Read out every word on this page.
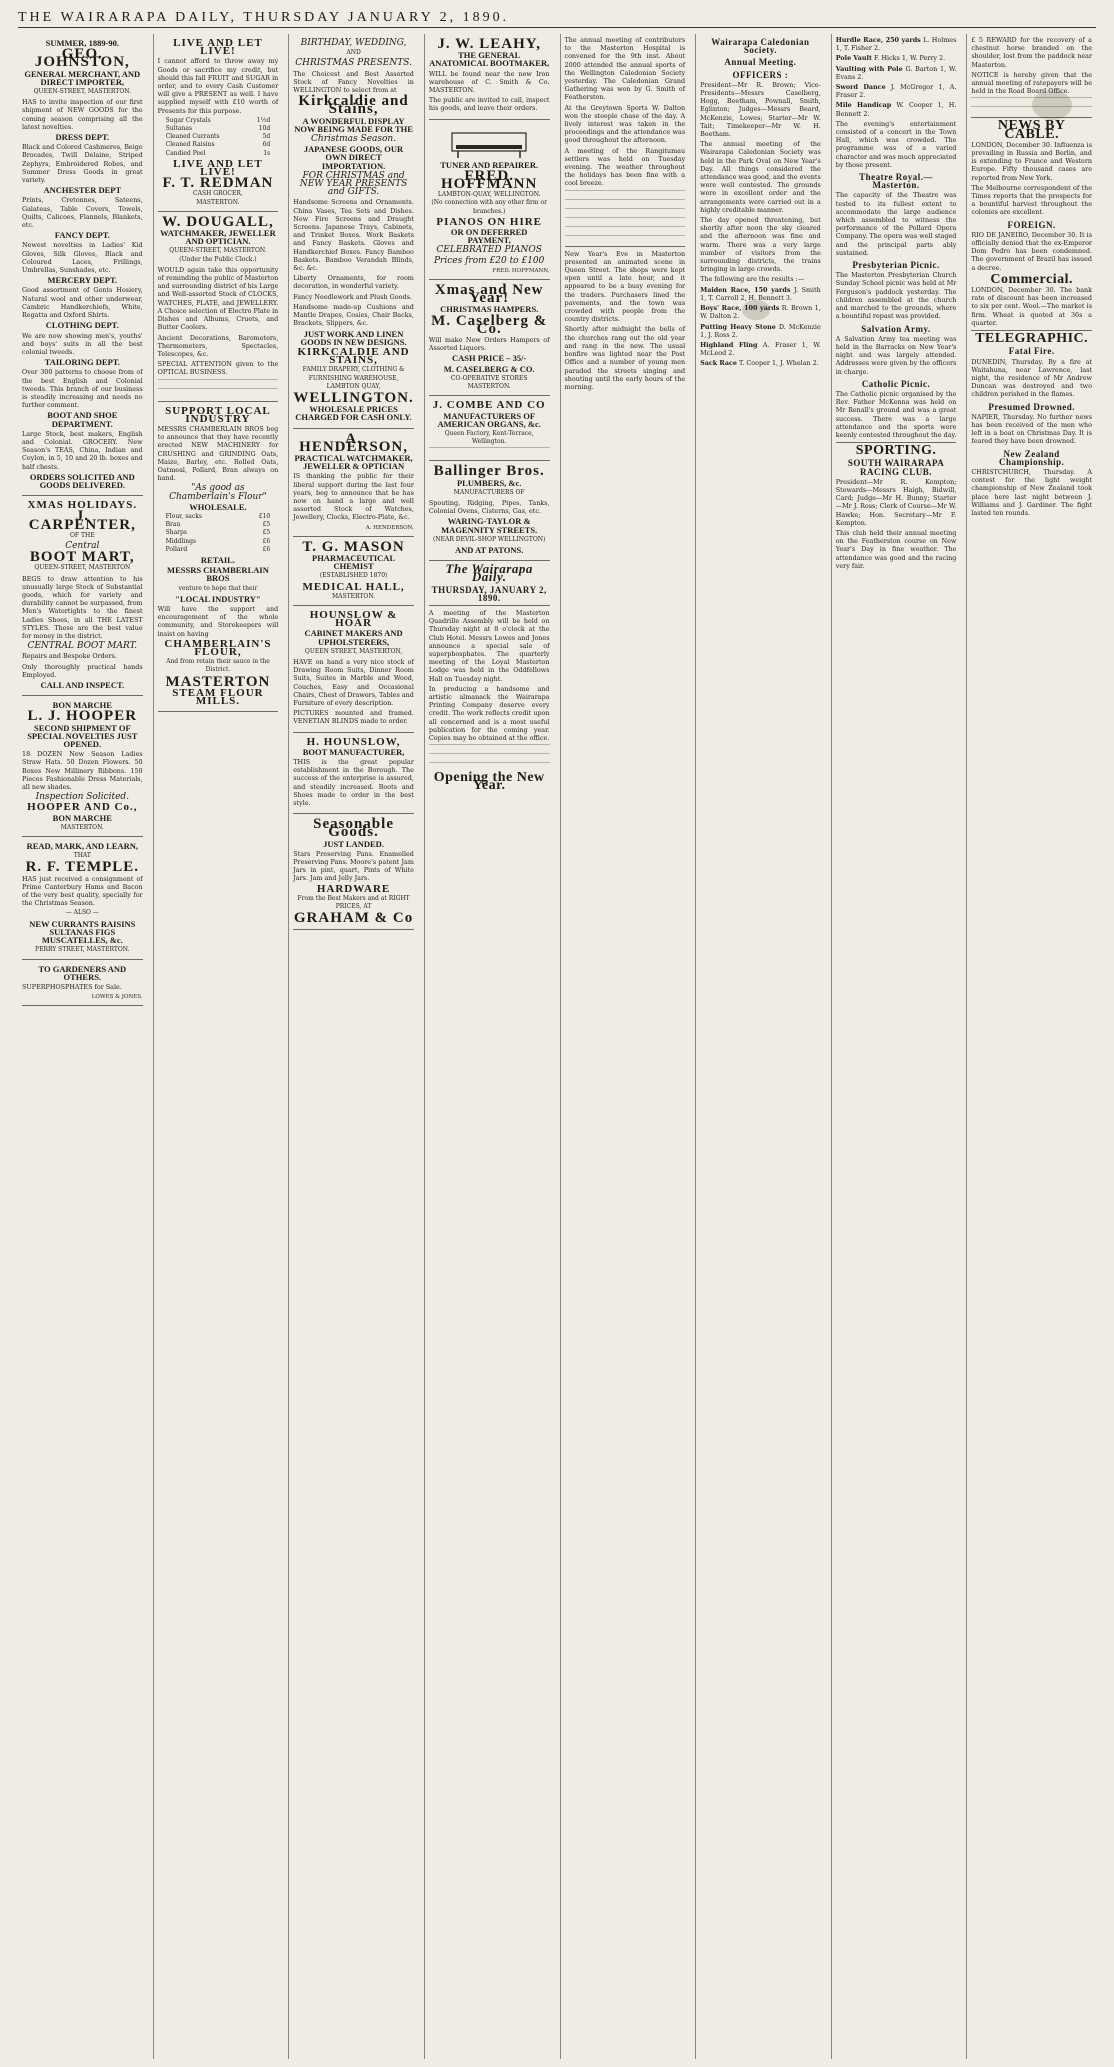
THE WAIRARAPA DAILY, THURSDAY JANUARY 2, 1890.
SUMMER, 1889-90.
GEO. JOHNSTON,
GENERAL MERCHANT, AND DIRECT IMPORTER,
QUEEN-STREET, MASTERTON.

HAS to invite inspection of our first shipment of NEW GOODS for the coming season comprising all the latest novelties.

DRESS DEPT.

Black and Colored Cashmeres, Beige Brocades, Twill Delaine, Striped Zephyrs, Embroidered Robes, and Summer Dress Goods in great variety.

ANCHESTER DEPT

Prints, Cretonnes, Sateens, Galateas, Table Covers, Towels, Quilts, Calicoes, Flannels, Blankets, etc.

FANCY DEPT.

Newest novelties in Ladies' Kid Gloves, Silk Gloves, Black and Coloured Laces, Frillings, Umbrellas, Sunshades, etc.

MERCERY DEPT.

Good assortment of Gents Hosiery, Natural wool and other underwear, Cambric Handkerchiefs, White, Regatta and Oxford Shirts.

CLOTHING DEPT.

We are now showing men's, youths' and boys' suits in all the best colonial tweeds.

TAILORING DEPT.

Over 300 patterns to choose from of the best English and Colonial tweeds. This branch of our business is steadily increasing and needs no further comment.

BOOT AND SHOE DEPARTMENT.

Large Stock, best makers, English and Colonial. GROCERY. New Season's TEAS, China, Indian and Ceylon, in 5, 10 and 20 lb. boxes and half chests.

ORDERS SOLICITED AND GOODS DELIVERED.
XMAS HOLIDAYS.
J. CARPENTER,
OF THE
Central
BOOT MART,
QUEEN-STREET, MASTERTON

BEGS to draw attention to his unusually large Stock of Substantial goods, which for variety and durability cannot be surpassed, from Men's Watertights to the finest Ladies Shoes, in all THE LATEST STYLES. These are the best value for money in the district.

CENTRAL BOOT MART.

Repairs and Bespoke Orders.

Only thoroughly practical hands Employed.

CALL AND INSPECT.
BON MARCHE
L. J. HOOPER
SECOND SHIPMENT OF SPECIAL NOVELTIES JUST OPENED.

18 DOZEN New Season Ladies Straw Hats. 50 Dozen Flowers. 50 Boxes New Millinery Ribbons. 150 Pieces Fashionable Dress Materials, all new shades.

Inspection Solicited.
HOOPER AND Co.,
BON MARCHE
MASTERTON.
READ, MARK, AND LEARN,
THAT
R. F. TEMPLE.

HAS just received a consignment of Prime Canterbury Hams and Bacon of the very best quality, specially for the Christmas Season.

— ALSO —
NEW CURRANTS RAISINS SULTANAS FIGS MUSCATELLES, &c.
PERRY STREET, MASTERTON.
TO GARDENERS AND OTHERS.

SUPERPHOSPHATES for Sale.

LOWES & JONES.
LIVE AND LET LIVE!

I cannot afford to throw away my Goods or sacrifice my credit, but should this fall FRUIT and SUGAR in order, and to every Cash Customer will give a PRESENT as well. I have supplied myself with £10 worth of Presents for this purpose.

Sugar Crystals	1½d
Sultanas	10d
Cleaned Currants	5d
Cleaned Raisins	6d
Candied Peel	1s
LIVE AND LET LIVE!
F. T. REDMAN
CASH GROCER,
MASTERTON.
W. DOUGALL,
WATCHMAKER, JEWELLER AND OPTICIAN.
QUEEN-STREET, MASTERTON.
(Under the Public Clock.)

WOULD again take this opportunity of reminding the public of Masterton and surrounding district of his Large and Well-assorted Stock of CLOCKS, WATCHES, PLATE, and JEWELLERY. A Choice selection of Electro Plate in Dishes and Albums, Cruets, and Butter Coolers.

Ancient Decorations, Barometers, Thermometers, Spectacles, Telescopes, &c.

SPECIAL ATTENTION given to the OPTICAL BUSINESS.

SUPPORT LOCAL INDUSTRY

MESSRS CHAMBERLAIN BROS beg to announce that they have recently erected NEW MACHINERY for CRUSHING and GRINDING Oats, Maize, Barley, etc. Rolled Oats, Oatmeal, Pollard, Bran always on hand.

"As good as Chamberlain's Flour"
WHOLESALE.
Flour, sacks	£10
Bran	£5
Sharps	£5
Middlings	£6
Pollard	£6
RETAIL.
MESSRS CHAMBERLAIN BROS
venture to hope that their
"LOCAL INDUSTRY"

Will have the support and encouragement of the whole community, and Storekeepers will insist on having

CHAMBERLAIN'S FLOUR,
And from retain their sauce in the District.
MASTERTON
STEAM FLOUR MILLS.
BIRTHDAY, WEDDING,
AND
CHRISTMAS PRESENTS.

The Choicest and Best Assorted Stock of Fancy Novelties in WELLINGTON to select from at

Kirkcaldie and Stains,
A WONDERFUL DISPLAY NOW BEING MADE FOR THE
Christmas Season.
JAPANESE GOODS, OUR OWN DIRECT IMPORTATION.
FOR CHRISTMAS and NEW YEAR PRESENTS and GIFTS.

Handsome Screens and Ornaments. China Vases, Tea Sets and Dishes. New Fire Screens and Draught Screens. Japanese Trays, Cabinets, and Trinket Boxes. Work Baskets and Fancy Baskets. Gloves and Handkerchief Boxes. Fancy Bamboo Baskets. Bamboo Verandah Blinds, &c. &c.

Liberty Ornaments, for room decoration, in wonderful variety.

Fancy Needlework and Plush Goods.

Handsome made-up Cushions and Mantle Drapes, Cosies, Chair Backs, Brackets, Slippers, &c.

JUST WORK AND LINEN GOODS IN NEW DESIGNS.
KIRKCALDIE AND STAINS,
FAMILY DRAPERY, CLOTHING & FURNISHING WAREHOUSE,
LAMBTON QUAY,
WELLINGTON.
WHOLESALE PRICES CHARGED FOR CASH ONLY.
A. HENDERSON,
PRACTICAL WATCHMAKER, JEWELLER & OPTICIAN

IS thanking the public for their liberal support during the last four years, beg to announce that he has now on hand a large and well assorted Stock of Watches, Jewellery, Clocks, Electro-Plate, &c.

A. HENDERSON.
T. G. MASON
PHARMACEUTICAL CHEMIST
(ESTABLISHED 1870)
MEDICAL HALL,
MASTERTON.
HOUNSLOW & HOAR
CABINET MAKERS AND UPHOLSTERERS,
QUEEN STREET, MASTERTON,

HAVE on hand a very nice stock of Drawing Room Suits, Dinner Room Suits, Suites in Marble and Wood, Couches, Easy and Occasional Chairs, Chest of Drawers, Tables and Furniture of every description.

PICTURES mounted and framed. VENETIAN BLINDS made to order.

H. HOUNSLOW,
BOOT MANUFACTURER,

THIS is the great popular establishment in the Borough. The success of the enterprise is assured, and steadily increased. Boots and Shoes made to order in the best style.

Seasonable Goods.
JUST LANDED.

Stars Preserving Pans. Enamelled Preserving Pans. Moore's patent Jam Jars in pint, quart, Pints of White Jars. Jam and Jelly Jars.

HARDWARE
From the Best Makers and at RIGHT PRICES, AT
GRAHAM & Co
J. W. LEAHY,
THE GENERAL ANATOMICAL BOOTMAKER,

WILL be found near the new Iron warehouse of C. Smith & Co. MASTERTON.

The public are invited to call, inspect his goods, and leave their orders.

TUNER AND REPAIRER.
FRED. HOFFMANN
LAMBTON-QUAY, WELLINGTON.
(No connection with any other firm or branches.)
PIANOS ON HIRE
OR ON DEFERRED PAYMENT,
CELEBRATED PIANOS
Prices from £20 to £100
FRED. HOFFMANN,
Xmas and New Year!
CHRISTMAS HAMPERS.
M. Caselberg & Co.

Will make New Orders Hampers of Assorted Liquors.

CASH PRICE – 35/-
M. CASELBERG & CO.
CO-OPERATIVE STORES MASTERTON.
J. COMBE AND CO
MANUFACTURERS OF AMERICAN ORGANS, &c.
Queen Factory, Kent-Terrace, Wellington.
Ballinger Bros.
PLUMBERS, &c.
MANUFACTURERS OF

Spouting, Ridging, Pipes, Tanks, Colonial Ovens, Cisterns, Gas, etc.

WARING-TAYLOR & MAGENNITY STREETS.
(NEAR DEVIL-SHOP WELLINGTON)
AND AT PATONS.
The Wairarapa Daily.
THURSDAY, JANUARY 2, 1890.

A meeting of the Masterton Quadrille Assembly will be held on Thursday night at 8 o'clock at the Club Hotel. Messrs Lowes and Jones announce a special sale of superphosphates. The quarterly meeting of the Loyal Masterton Lodge was held in the Oddfellows Hall on Tuesday night.

In producing a handsome and artistic almanack the Wairarapa Printing Company deserve every credit. The work reflects credit upon all concerned and is a most useful publication for the coming year. Copies may be obtained at the office.

Opening the New Year.

The annual meeting of contributors to the Masterton Hospital is convened for the 9th inst. About 2000 attended the annual sports of the Wellington Caledonian Society yesterday. The Caledonian Grand Gathering was won by G. Smith of Featherston.

At the Greytown Sports W. Dalton won the steeple chase of the day. A lively interest was taken in the proceedings and the attendance was good throughout the afternoon.

A meeting of the Rangitumau settlers was held on Tuesday evening. The weather throughout the holidays has been fine with a cool breeze.

New Year's Eve in Masterton presented an animated scene in Queen Street. The shops were kept open until a late hour, and it appeared to be a busy evening for the traders. Purchasers lined the pavements, and the town was crowded with people from the country districts.

Shortly after midnight the bells of the churches rang out the old year and rang in the new. The usual bonfire was lighted near the Post Office and a number of young men paraded the streets singing and shouting until the early hours of the morning.

Wairarapa Caledonian Society.
Annual Meeting.
OFFICERS :

President—Mr R. Brown; Vice-Presidents—Messrs Caselberg, Hogg, Beetham, Pownall, Smith, Eglinton; Judges—Messrs Beard, McKenzie, Lowes; Starter—Mr W. Tait; Timekeeper—Mr W. H. Beetham.

The annual meeting of the Wairarapa Caledonian Society was held in the Park Oval on New Year's Day. All things considered the attendance was good, and the events were well contested. The grounds were in excellent order and the arrangements were carried out in a highly creditable manner.

The day opened threatening, but shortly after noon the sky cleared and the afternoon was fine and warm. There was a very large number of visitors from the surrounding districts, the trains bringing in large crowds.

The following are the results :—

Maiden Race, 150 yards J. Smith 1, T. Carroll 2, H. Bennett 3.

Boys' Race, 100 yards R. Brown 1, W. Dalton 2.

Putting Heavy Stone D. McKenzie 1, J. Ross 2.

Highland Fling A. Fraser 1, W. McLeod 2.

Sack Race T. Cooper 1, J. Whelan 2.

Hurdle Race, 250 yards L. Holmes 1, T. Fisher 2.

Pole Vault F. Hicks 1, W. Perry 2.

Vaulting with Pole G. Barton 1, W. Evans 2.

Sword Dance J. McGregor 1, A. Fraser 2.

Mile Handicap W. Cooper 1, H. Bennett 2.

The evening's entertainment consisted of a concert in the Town Hall, which was crowded. The programme was of a varied character and was much appreciated by those present.

Theatre Royal.—Masterton.

The capacity of the Theatre was tested to its fullest extent to accommodate the large audience which assembled to witness the performance of the Pollard Opera Company. The opera was well staged and the principal parts ably sustained.

Presbyterian Picnic.

The Masterton Presbyterian Church Sunday School picnic was held at Mr Ferguson's paddock yesterday. The children assembled at the church and marched to the grounds, where a bountiful repast was provided.

Salvation Army.

A Salvation Army tea meeting was held in the Barracks on New Year's night and was largely attended. Addresses were given by the officers in charge.

Catholic Picnic.

The Catholic picnic organised by the Rev. Father McKenna was held on Mr Renall's ground and was a great success. There was a large attendance and the sports were keenly contested throughout the day.

SPORTING.
SOUTH WAIRARAPA RACING CLUB.

President—Mr R. Kempton; Stewards—Messrs Haigh, Bidwill, Card; Judge—Mr H. Bunny; Starter—Mr J. Ross; Clerk of Course—Mr W. Hawke; Hon. Secretary—Mr F. Kempton.

This club held their annual meeting on the Featherston course on New Year's Day in fine weather. The attendance was good and the racing very fair.

£ 5 REWARD for the recovery of a chestnut horse branded on the shoulder, lost from the paddock near Masterton.

NOTICE is hereby given that the annual meeting of ratepayers will be held in the Road Board Office.

NEWS BY CABLE.

LONDON, December 30. Influenza is prevailing in Russia and Berlin, and is extending to France and Western Europe. Fifty thousand cases are reported from New York.

The Melbourne correspondent of the Times reports that the prospects for a bountiful harvest throughout the colonies are excellent.

FOREIGN.

RIO DE JANEIRO, December 30. It is officially denied that the ex-Emperor Dom Pedro has been condemned. The government of Brazil has issued a decree.

Commercial.

LONDON, December 30. The bank rate of discount has been increased to six per cent. Wool.—The market is firm. Wheat is quoted at 36s a quarter.

TELEGRAPHIC.
Fatal Fire.

DUNEDIN, Thursday. By a fire at Waitahuna, near Lawrence, last night, the residence of Mr Andrew Duncan was destroyed and two children perished in the flames.

Presumed Drowned.

NAPIER, Thursday. No further news has been received of the men who left in a boat on Christmas Day. It is feared they have been drowned.

New Zealand Championship.

CHRISTCHURCH, Thursday. A contest for the light weight championship of New Zealand took place here last night between J. Williams and J. Gardiner. The fight lasted ten rounds.
